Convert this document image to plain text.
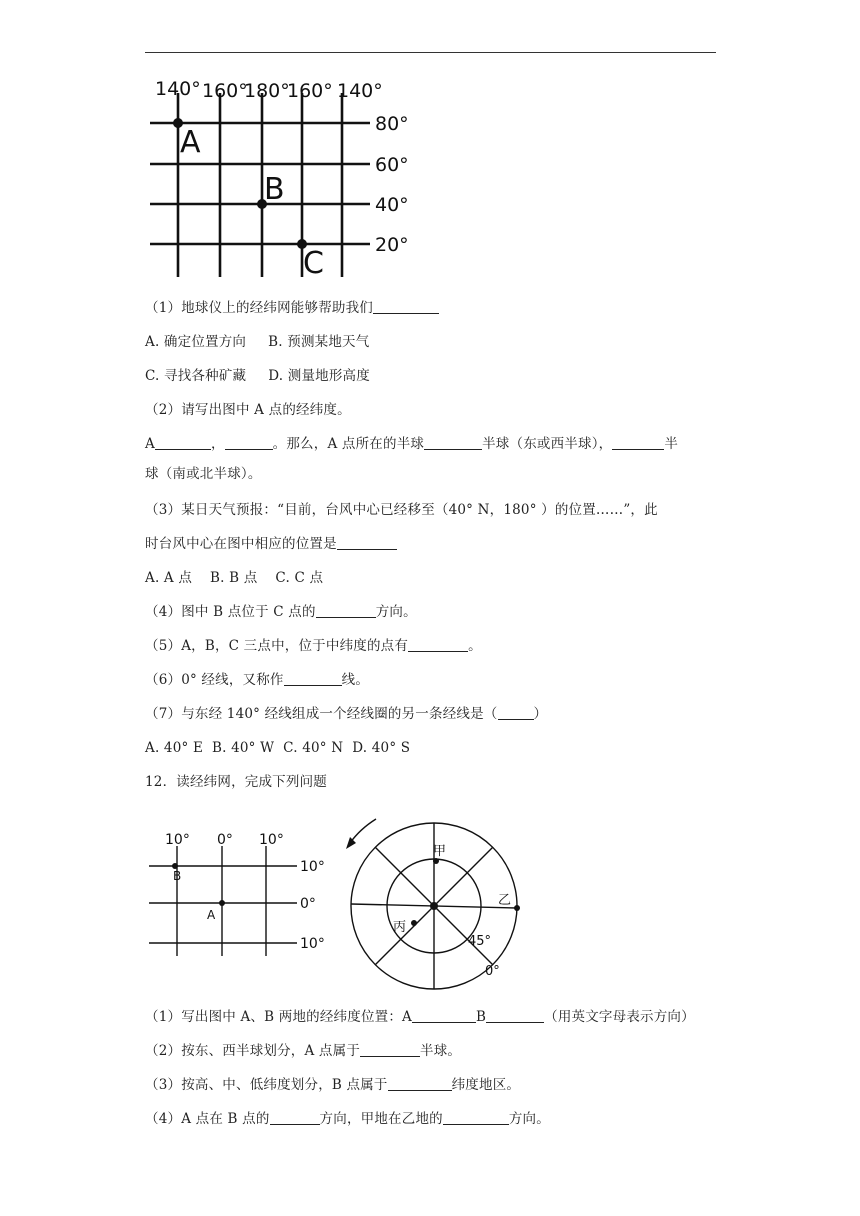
140° 160°
180°
160° 140°
80°
60°
40°
20°
A
B
C
（1）地球仪上的经纬网能够帮助我们
A. 确定位置方向 B. 预测某地天气
C. 寻找各种矿藏 D. 测量地形高度
（2）请写出图中 A 点的经纬度。
A	，	。那么，A 点所在的半球	半球（东或西半球），	半
球（南或北半球）。
（3）某日天气预报：“目前，台风中心已经移至（40° N，180° ）的位置……”，此
时台风中心在图中相应的位置是
A. A 点    B. B 点    C. C 点
（4）图中 B 点位于 C 点的	方向。
（5）A，B，C 三点中，位于中纬度的点有	。
（6）0° 经线，又称作	线。
（7）与东经 140° 经线组成一个经线圈的另一条经线是（	）
A. 40° E  B. 40° W  C. 40° N  D. 40° S
12．读经纬网，完成下列问题
10° 0° 10°
10°
0°
10°
B
A
甲
乙
丙
45°
0°
（1）写出图中 A、B 两地的经纬度位置：A	B	（用英文字母表示方向）
（2）按东、西半球划分，A 点属于	半球。
（3）按高、中、低纬度划分，B 点属于	纬度地区。
（4）A 点在 B 点的	方向，甲地在乙地的	方向。
